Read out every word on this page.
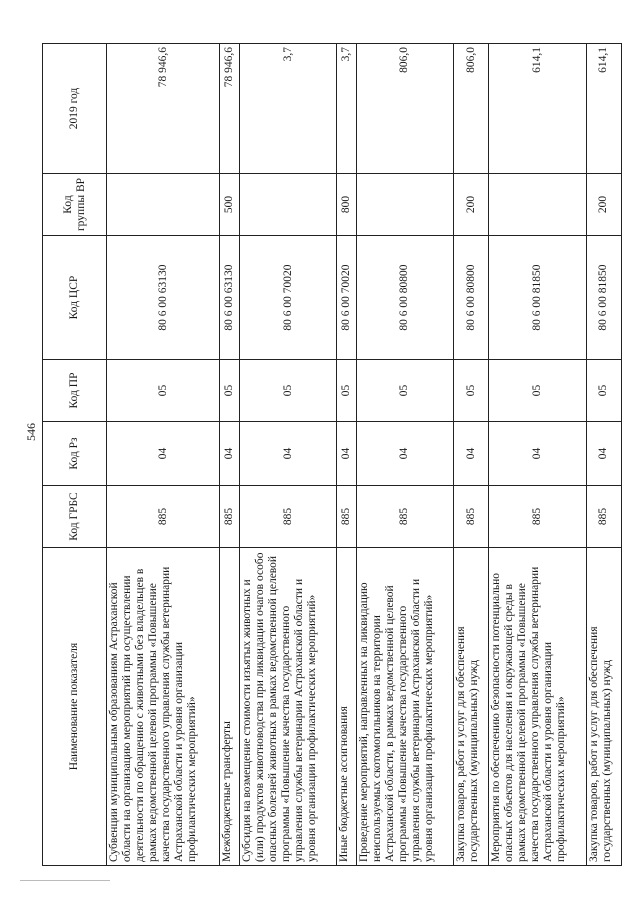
546
Наименование показателя	Код ГРБС	Код Рз	Код ПР	Код ЦСР	Код группы ВР	2019 год
Субвенции муниципальным образованиям Астраханской области на организацию мероприятий при осуществлении деятельности по обращению с животными без владельцев в рамках ведомственной целевой программы «Повышение качества государственного управления службы ветеринарии Астраханской области и уровня организации профилактических мероприятий»	885	04	05	80 6 00 63130		78 946,6
Межбюджетные трансферты	885	04	05	80 6 00 63130	500	78 946,6
Субсидия на возмещение стоимости изъятых животных и (или) продуктов животноводства при ликвидации очагов особо опасных болезней животных в рамках ведомственной целевой программы «Повышение качества государственного управления службы ветеринарии Астраханской области и уровня организации профилактических мероприятий»	885	04	05	80 6 00 70020		3,7
Иные бюджетные ассигнования	885	04	05	80 6 00 70020	800	3,7
Проведение мероприятий, направленных на ликвидацию неиспользуемых скотомогильников на территории Астраханской области, в рамках ведомственной целевой программы «Повышение качества государственного управления службы ветеринарии Астраханской области и уровня организации профилактических мероприятий»	885	04	05	80 6 00 80800		806,0
Закупка товаров, работ и услуг для обеспечения государственных (муниципальных) нужд	885	04	05	80 6 00 80800	200	806,0
Мероприятия по обеспечению безопасности потенциально опасных объектов для населения и окружающей среды в рамках ведомственной целевой программы «Повышение качества государственного управления службы ветеринарии Астраханской области и уровня организации профилактических мероприятий»	885	04	05	80 6 00 81850		614,1
Закупка товаров, работ и услуг для обеспечения государственных (муниципальных) нужд	885	04	05	80 6 00 81850	200	614,1
